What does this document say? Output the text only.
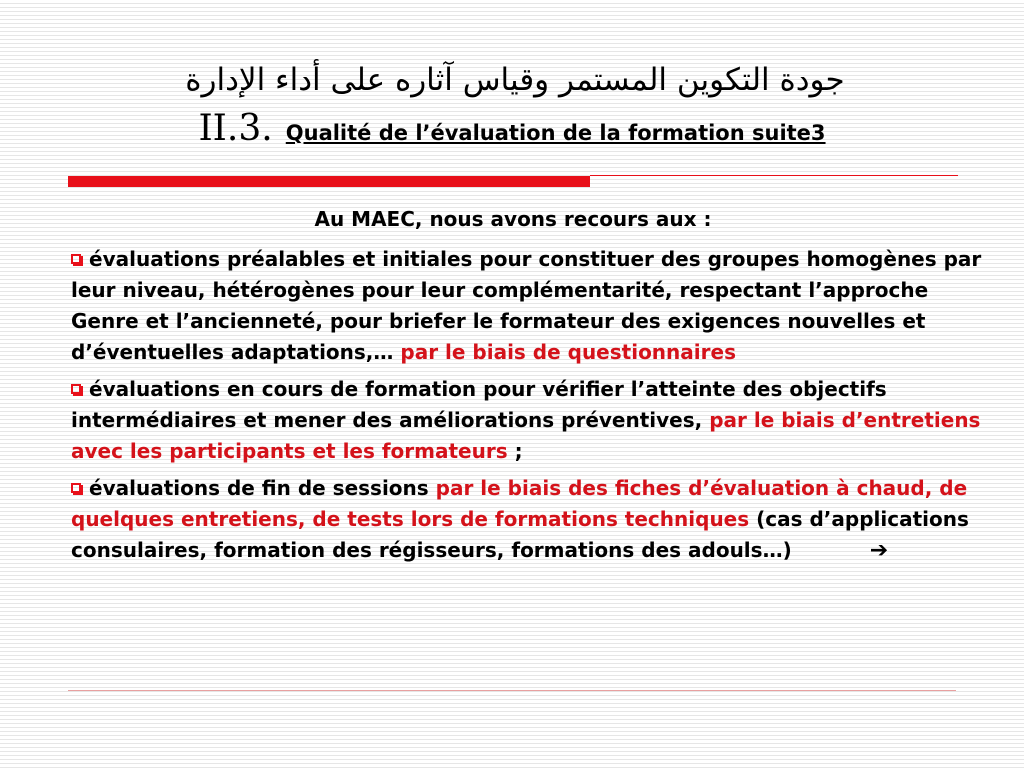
جودة التكوين المستمر وقياس آثاره على أداء الإدارة
II.3. Qualité de l’évaluation de la formation suite3
Au MAEC, nous avons recours aux :

évaluations préalables et initiales pour constituer des groupes homogènes par leur niveau, hétérogènes pour leur complémentarité, respectant l’approche Genre et l’ancienneté, pour briefer le formateur des exigences nouvelles et d’éventuelles adaptations,… par le biais de questionnaires

évaluations en cours de formation pour vérifier l’atteinte des objectifs intermédiaires et mener des améliorations préventives, par le biais d’entretiens avec les participants et les formateurs ;

évaluations de fin de sessions par le biais des fiches d’évaluation à chaud, de quelques entretiens, de tests lors de formations techniques (cas d’applications consulaires, formation des régisseurs, formations des adouls…)	➔
